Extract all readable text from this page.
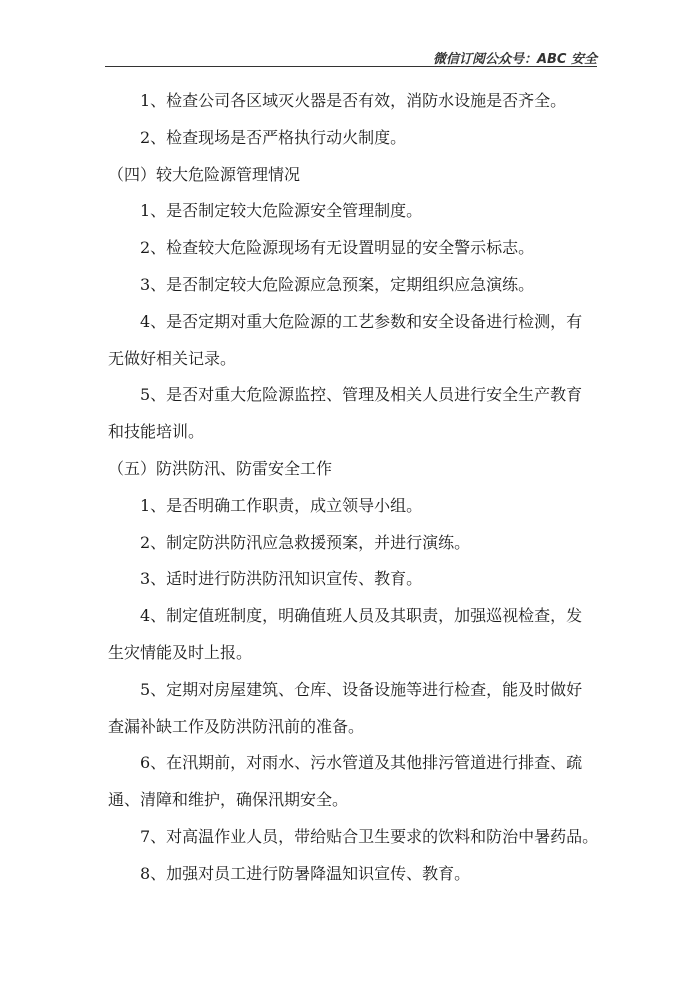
微信订阅公众号：ABC 安全
1、检查公司各区域灭火器是否有效，消防水设施是否齐全。
2、检查现场是否严格执行动火制度。
（四）较大危险源管理情况
1、是否制定较大危险源安全管理制度。
2、检查较大危险源现场有无设置明显的安全警示标志。
3、是否制定较大危险源应急预案，定期组织应急演练。
4、是否定期对重大危险源的工艺参数和安全设备进行检测，有
无做好相关记录。
5、是否对重大危险源监控、管理及相关人员进行安全生产教育
和技能培训。
（五）防洪防汛、防雷安全工作
1、是否明确工作职责，成立领导小组。
2、制定防洪防汛应急救援预案，并进行演练。
3、适时进行防洪防汛知识宣传、教育。
4、制定值班制度，明确值班人员及其职责，加强巡视检查，发
生灾情能及时上报。
5、定期对房屋建筑、仓库、设备设施等进行检查，能及时做好
查漏补缺工作及防洪防汛前的准备。
6、在汛期前，对雨水、污水管道及其他排污管道进行排查、疏
通、清障和维护，确保汛期安全。
7、对高温作业人员，带给贴合卫生要求的饮料和防治中暑药品。
8、加强对员工进行防暑降温知识宣传、教育。
